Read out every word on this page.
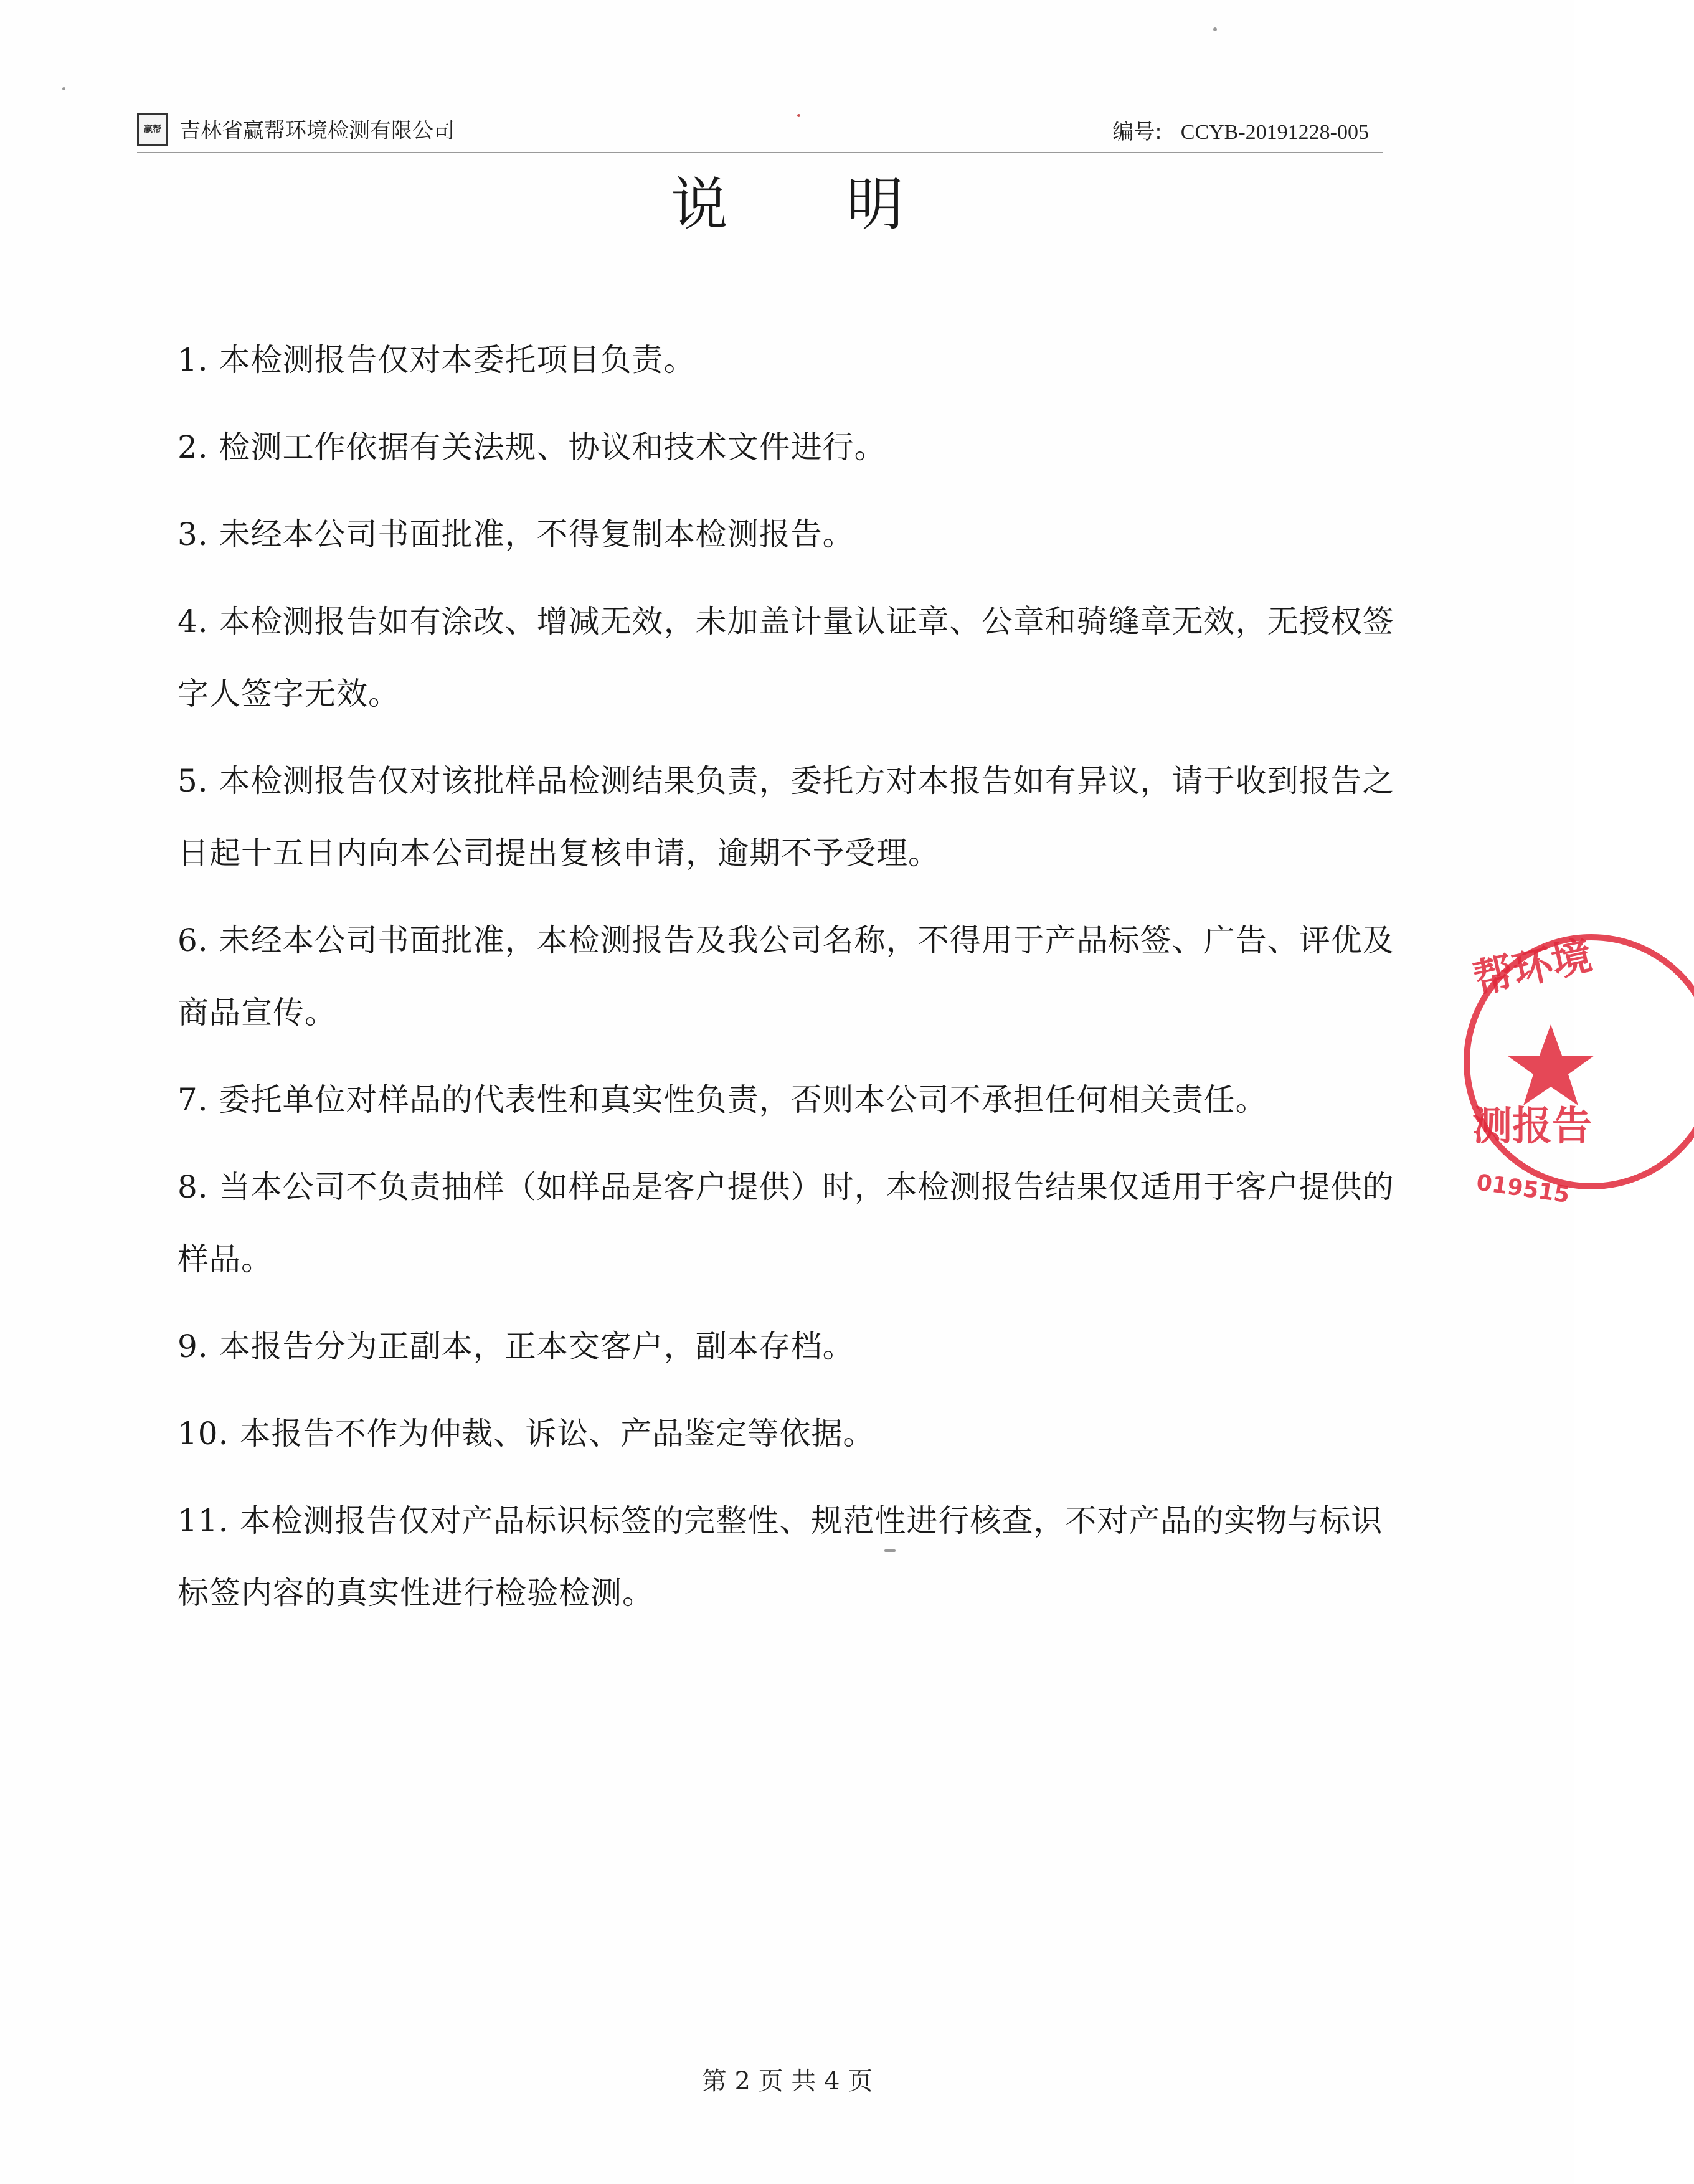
赢帮 吉林省赢帮环境检测有限公司	编号: CCYB-20191228-005
说明
1. 本检测报告仅对本委托项目负责。
2. 检测工作依据有关法规、协议和技术文件进行。
3. 未经本公司书面批准，不得复制本检测报告。
4. 本检测报告如有涂改、增减无效，未加盖计量认证章、公章和骑缝章无效，无授权签字人签字无效。
5. 本检测报告仅对该批样品检测结果负责，委托方对本报告如有异议，请于收到报告之日起十五日内向本公司提出复核申请，逾期不予受理。
6. 未经本公司书面批准，本检测报告及我公司名称，不得用于产品标签、广告、评优及商品宣传。
7. 委托单位对样品的代表性和真实性负责，否则本公司不承担任何相关责任。
8. 当本公司不负责抽样（如样品是客户提供）时，本检测报告结果仅适用于客户提供的样品。
9. 本报告分为正副本，正本交客户，副本存档。
10. 本报告不作为仲裁、诉讼、产品鉴定等依据。
11. 本检测报告仅对产品标识标签的完整性、规范性进行核查，不对产品的实物与标识标签内容的真实性进行检验检测。
第 2 页 共 4 页
帮环境
测报告
019515
